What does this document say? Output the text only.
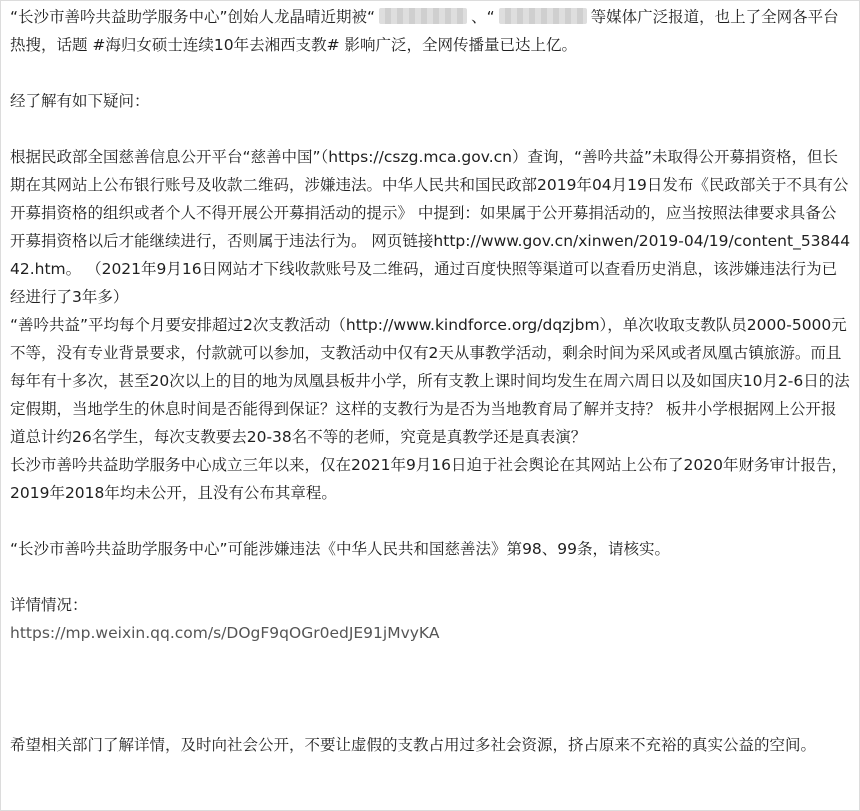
“长沙市善吟共益助学服务中心”创始人龙晶晴近期被“	、“	等媒体广泛报道，也上了全网各平台热搜，话题 #海归女硕士连续10年去湘西支教# 影响广泛，全网传播量已达上亿。

经了解有如下疑问：

根据民政部全国慈善信息公开平台“慈善中国”（https://cszg.mca.gov.cn）查询，“善吟共益”未取得公开募捐资格，但长期在其网站上公布银行账号及收款二维码，涉嫌违法。中华人民共和国民政部2019年04月19日发布《民政部关于不具有公开募捐资格的组织或者个人不得开展公开募捐活动的提示》 中提到：如果属于公开募捐活动的，应当按照法律要求具备公开募捐资格以后才能继续进行，否则属于违法行为。 网页链接http://www.gov.cn/xinwen/2019-04/19/content_5384442.htm。 （2021年9月16日网站才下线收款账号及二维码，通过百度快照等渠道可以查看历史消息，该涉嫌违法行为已经进行了3年多）

“善吟共益”平均每个月要安排超过2次支教活动（http://www.kindforce.org/dqzjbm），单次收取支教队员2000-5000元不等，没有专业背景要求，付款就可以参加，支教活动中仅有2天从事教学活动，剩余时间为采风或者凤凰古镇旅游。而且每年有十多次，甚至20次以上的目的地为凤凰县板井小学，所有支教上课时间均发生在周六周日以及如国庆10月2-6日的法定假期，当地学生的休息时间是否能得到保证？这样的支教行为是否为当地教育局了解并支持？ 板井小学根据网上公开报道总计约26名学生，每次支教要去20-38名不等的老师，究竟是真教学还是真表演？

长沙市善吟共益助学服务中心成立三年以来，仅在2021年9月16日迫于社会舆论在其网站上公布了2020年财务审计报告，2019年2018年均未公开，且没有公布其章程。

“长沙市善吟共益助学服务中心”可能涉嫌违法《中华人民共和国慈善法》第98、99条，请核实。

详情情况：

https://mp.weixin.qq.com/s/DOgF9qOGr0edJE91jMvyKA

希望相关部门了解详情，及时向社会公开，不要让虚假的支教占用过多社会资源，挤占原来不充裕的真实公益的空间。
